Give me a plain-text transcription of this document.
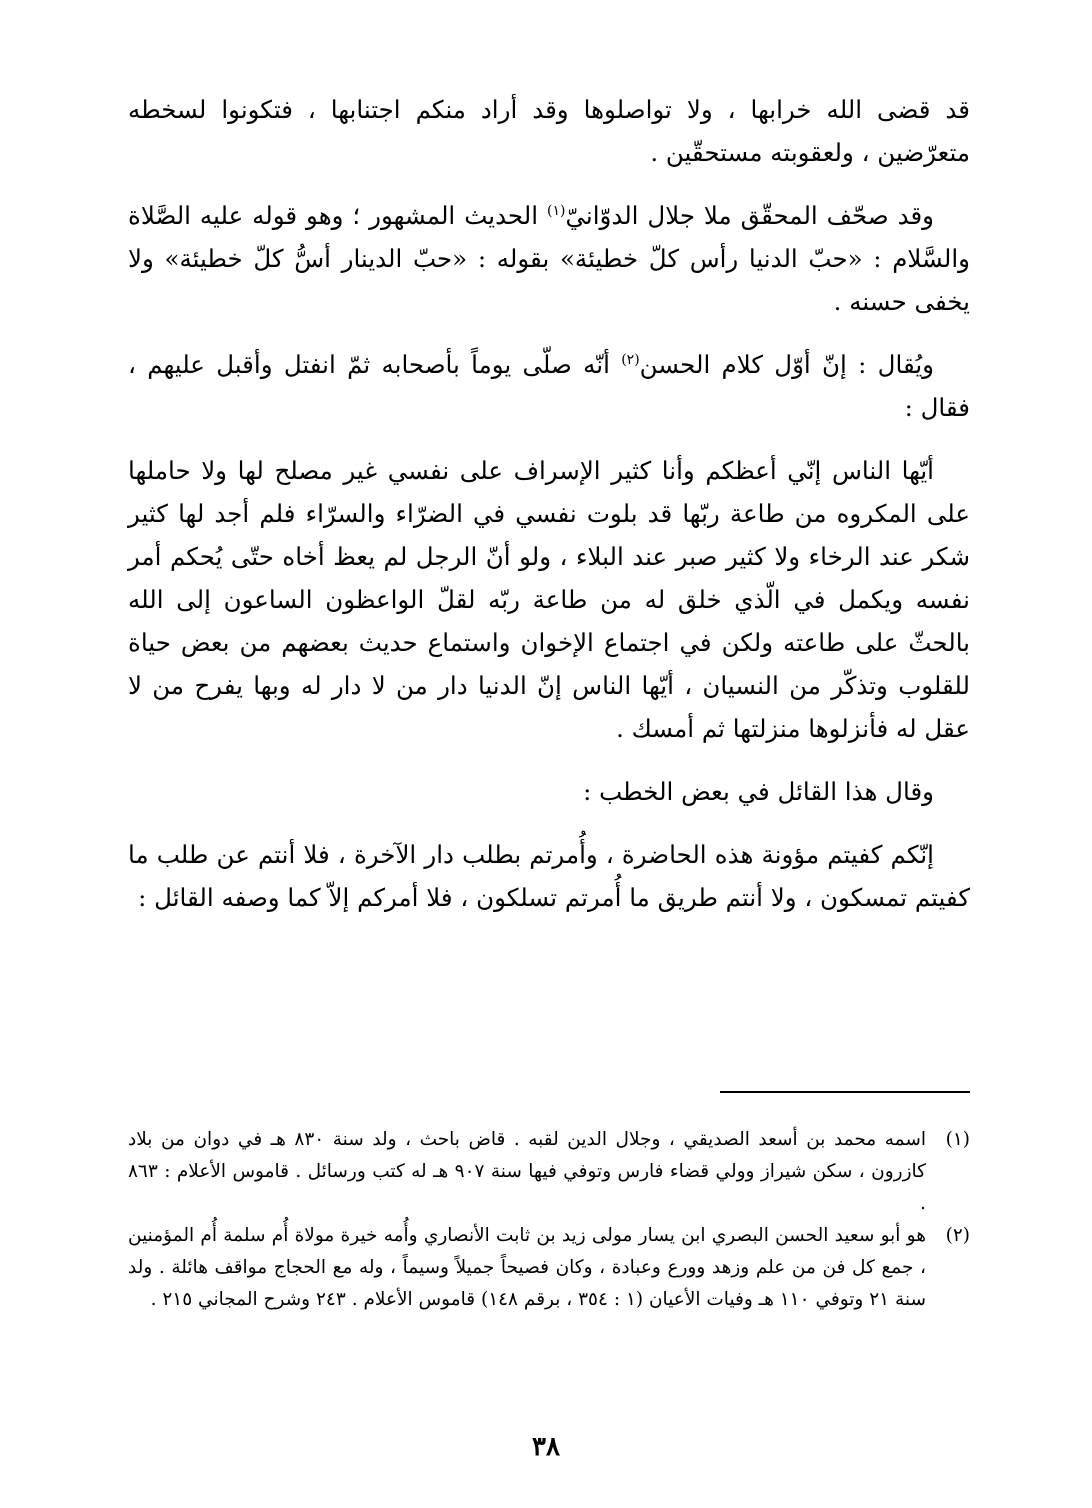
قد قضى الله خرابها ، ولا تواصلوها وقد أراد منكم اجتنابها ، فتكونوا لسخطه متعرّضين ، ولعقوبته مستحقّين .

وقد صحّف المحقّق ملا جلال الدوّانيّ$^{(١)}$ الحديث المشهور ؛ وهو قوله عليه الصَّلاة والسَّلام : «حبّ الدنيا رأس كلّ خطيئة» بقوله : «حبّ الدينار أسُّ كلّ خطيئة» ولا يخفى حسنه .

ويُقال : إنّ أوّل كلام الحسن$^{(٢)}$ أنّه صلّى يوماً بأصحابه ثمّ انفتل وأقبل عليهم ، فقال :

أيّها الناس إنّي أعظكم وأنا كثير الإسراف على نفسي غير مصلح لها ولا حاملها على المكروه من طاعة ربّها قد بلوت نفسي في الضرّاء والسرّاء فلم أجد لها كثير شكر عند الرخاء ولا كثير صبر عند البلاء ، ولو أنّ الرجل لم يعظ أخاه حتّى يُحكم أمر نفسه ويكمل في الّذي خلق له من طاعة ربّه لقلّ الواعظون الساعون إلى الله بالحثّ على طاعته ولكن في اجتماع الإخوان واستماع حديث بعضهم من بعض حياة للقلوب وتذكّر من النسيان ، أيّها الناس إنّ الدنيا دار من لا دار له وبها يفرح من لا عقل له فأنزلوها منزلتها ثم أمسك .

وقال هذا القائل في بعض الخطب :

إنّكم كفيتم مؤونة هذه الحاضرة ، وأُمرتم بطلب دار الآخرة ، فلا أنتم عن طلب ما كفيتم تمسكون ، ولا أنتم طريق ما أُمرتم تسلكون ، فلا أمركم إلاّ كما وصفه القائل :

(١)
اسمه محمد بن أسعد الصديقي ، وجلال الدين لقبه . قاض باحث ، ولد سنة ٨٣٠ هـ في دوان من بلاد كازرون ، سكن شيراز وولي قضاء فارس وتوفي فيها سنة ٩٠٧ هـ له كتب ورسائل . قاموس الأعلام : ٨٦٣ .
(٢)
هو أبو سعيد الحسن البصري ابن يسار مولى زيد بن ثابت الأنصاري وأُمه خيرة مولاة أُم سلمة أُم المؤمنين ، جمع كل فن من علم وزهد وورع وعبادة ، وكان فصيحاً جميلاً وسيماً ، وله مع الحجاج مواقف هائلة . ولد سنة ٢١ وتوفي ١١٠ هـ وفيات الأعيان (١ : ٣٥٤ ، برقم ١٤٨) قاموس الأعلام . ٢٤٣ وشرح المجاني ٢١٥ .
٣٨
